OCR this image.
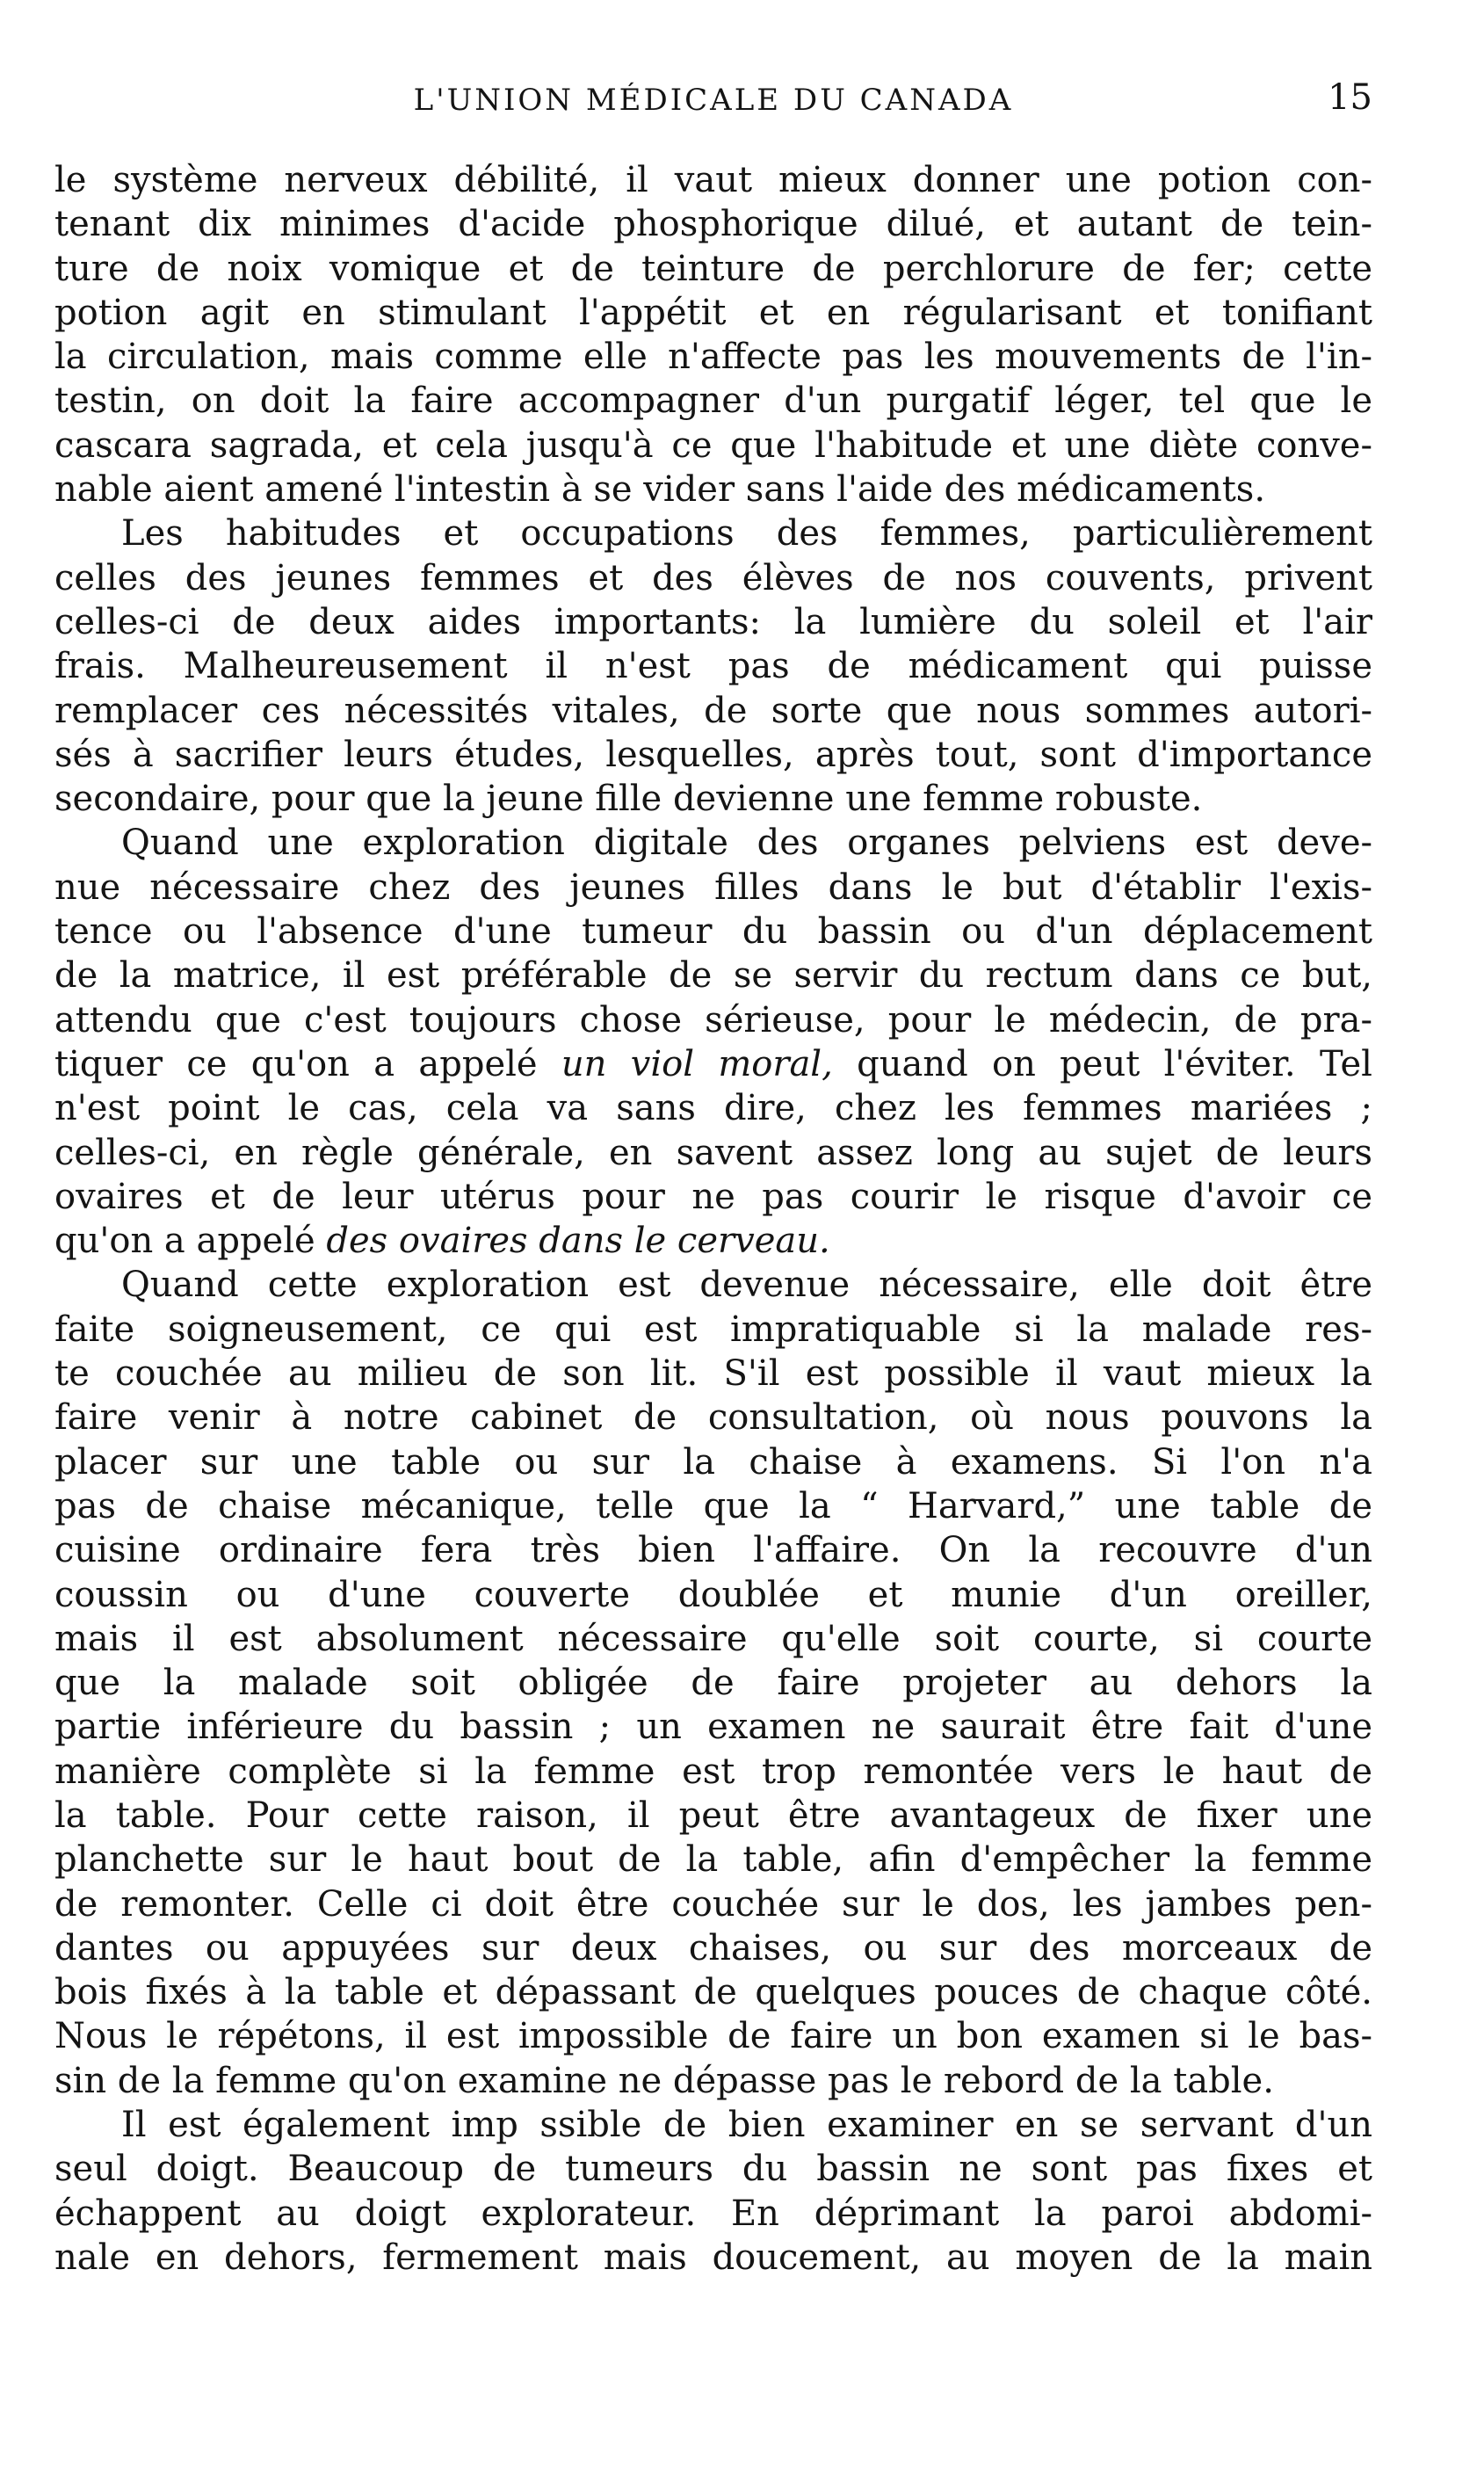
L'UNION MÉDICALE DU CANADA	15
le système nerveux débilité, il vaut mieux donner une potion con-
tenant dix minimes d'acide phosphorique dilué, et autant de tein-
ture de noix vomique et de teinture de perchlorure de fer; cette
potion agit en stimulant l'appétit et en régularisant et tonifiant
la circulation, mais comme elle n'affecte pas les mouvements de l'in-
testin, on doit la faire accompagner d'un purgatif léger, tel que le
cascara sagrada, et cela jusqu'à ce que l'habitude et une diète conve-
nable aient amené l'intestin à se vider sans l'aide des médicaments.
Les habitudes et occupations des femmes, particulièrement
celles des jeunes femmes et des élèves de nos couvents, privent
celles-ci de deux aides importants: la lumière du soleil et l'air
frais. Malheureusement il n'est pas de médicament qui puisse
remplacer ces nécessités vitales, de sorte que nous sommes autori-
sés à sacrifier leurs études, lesquelles, après tout, sont d'importance
secondaire, pour que la jeune fille devienne une femme robuste.
Quand une exploration digitale des organes pelviens est deve-
nue nécessaire chez des jeunes filles dans le but d'établir l'exis-
tence ou l'absence d'une tumeur du bassin ou d'un déplacement
de la matrice, il est préférable de se servir du rectum dans ce but,
attendu que c'est toujours chose sérieuse, pour le médecin, de pra-
tiquer ce qu'on a appelé un viol moral, quand on peut l'éviter. Tel
n'est point le cas, cela va sans dire, chez les femmes mariées ;
celles-ci, en règle générale, en savent assez long au sujet de leurs
ovaires et de leur utérus pour ne pas courir le risque d'avoir ce
qu'on a appelé des ovaires dans le cerveau.
Quand cette exploration est devenue nécessaire, elle doit être
faite soigneusement, ce qui est impratiquable si la malade res-
te couchée au milieu de son lit. S'il est possible il vaut mieux la
faire venir à notre cabinet de consultation, où nous pouvons la
placer sur une table ou sur la chaise à examens. Si l'on n'a
pas de chaise mécanique, telle que la “ Harvard,” une table de
cuisine ordinaire fera très bien l'affaire. On la recouvre d'un
coussin ou d'une couverte doublée et munie d'un oreiller,
mais il est absolument nécessaire qu'elle soit courte, si courte
que la malade soit obligée de faire projeter au dehors la
partie inférieure du bassin ; un examen ne saurait être fait d'une
manière complète si la femme est trop remontée vers le haut de
la table. Pour cette raison, il peut être avantageux de fixer une
planchette sur le haut bout de la table, afin d'empêcher la femme
de remonter. Celle ci doit être couchée sur le dos, les jambes pen-
dantes ou appuyées sur deux chaises, ou sur des morceaux de
bois fixés à la table et dépassant de quelques pouces de chaque côté.
Nous le répétons, il est impossible de faire un bon examen si le bas-
sin de la femme qu'on examine ne dépasse pas le rebord de la table.
Il est également imp ssible de bien examiner en se servant d'un
seul doigt. Beaucoup de tumeurs du bassin ne sont pas fixes et
échappent au doigt explorateur. En déprimant la paroi abdomi-
nale en dehors, fermement mais doucement, au moyen de la main
